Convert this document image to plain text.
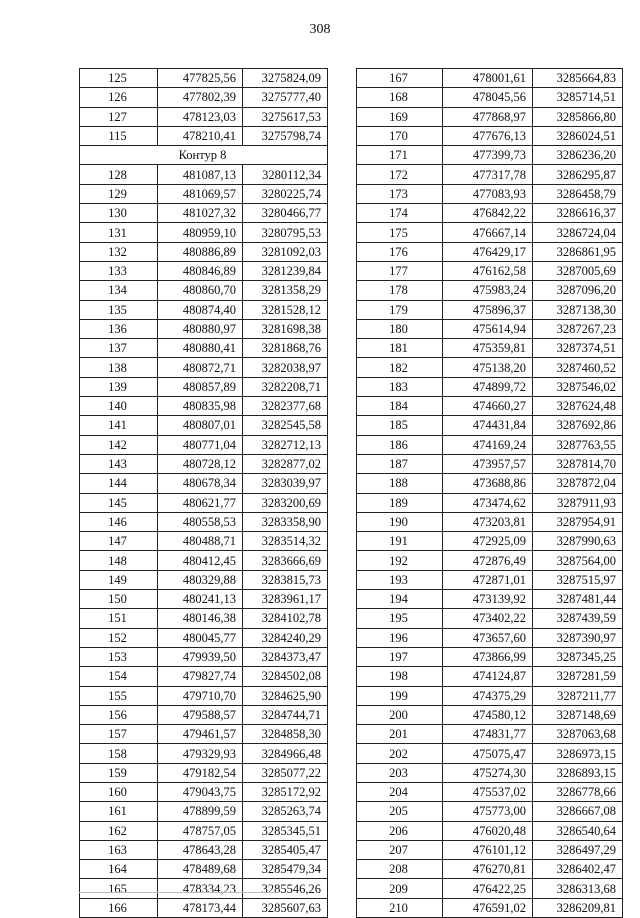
308
125	477825,56	3275824,09
126	477802,39	3275777,40
127	478123,03	3275617,53
115	478210,41	3275798,74
Контур 8		
128	481087,13	3280112,34
129	481069,57	3280225,74
130	481027,32	3280466,77
131	480959,10	3280795,53
132	480886,89	3281092,03
133	480846,89	3281239,84
134	480860,70	3281358,29
135	480874,40	3281528,12
136	480880,97	3281698,38
137	480880,41	3281868,76
138	480872,71	3282038,97
139	480857,89	3282208,71
140	480835,98	3282377,68
141	480807,01	3282545,58
142	480771,04	3282712,13
143	480728,12	3282877,02
144	480678,34	3283039,97
145	480621,77	3283200,69
146	480558,53	3283358,90
147	480488,71	3283514,32
148	480412,45	3283666,69
149	480329,88	3283815,73
150	480241,13	3283961,17
151	480146,38	3284102,78
152	480045,77	3284240,29
153	479939,50	3284373,47
154	479827,74	3284502,08
155	479710,70	3284625,90
156	479588,57	3284744,71
157	479461,57	3284858,30
158	479329,93	3284966,48
159	479182,54	3285077,22
160	479043,75	3285172,92
161	478899,59	3285263,74
162	478757,05	3285345,51
163	478643,28	3285405,47
164	478489,68	3285479,34
165	478334,23	3285546,26
166	478173,44	3285607,63
167	478001,61	3285664,83
168	478045,56	3285714,51
169	477868,97	3285866,80
170	477676,13	3286024,51
171	477399,73	3286236,20
172	477317,78	3286295,87
173	477083,93	3286458,79
174	476842,22	3286616,37
175	476667,14	3286724,04
176	476429,17	3286861,95
177	476162,58	3287005,69
178	475983,24	3287096,20
179	475896,37	3287138,30
180	475614,94	3287267,23
181	475359,81	3287374,51
182	475138,20	3287460,52
183	474899,72	3287546,02
184	474660,27	3287624,48
185	474431,84	3287692,86
186	474169,24	3287763,55
187	473957,57	3287814,70
188	473688,86	3287872,04
189	473474,62	3287911,93
190	473203,81	3287954,91
191	472925,09	3287990,63
192	472876,49	3287564,00
193	472871,01	3287515,97
194	473139,92	3287481,44
195	473402,22	3287439,59
196	473657,60	3287390,97
197	473866,99	3287345,25
198	474124,87	3287281,59
199	474375,29	3287211,77
200	474580,12	3287148,69
201	474831,77	3287063,68
202	475075,47	3286973,15
203	475274,30	3286893,15
204	475537,02	3286778,66
205	475773,00	3286667,08
206	476020,48	3286540,64
207	476101,12	3286497,29
208	476270,81	3286402,47
209	476422,25	3286313,68
210	476591,02	3286209,81
